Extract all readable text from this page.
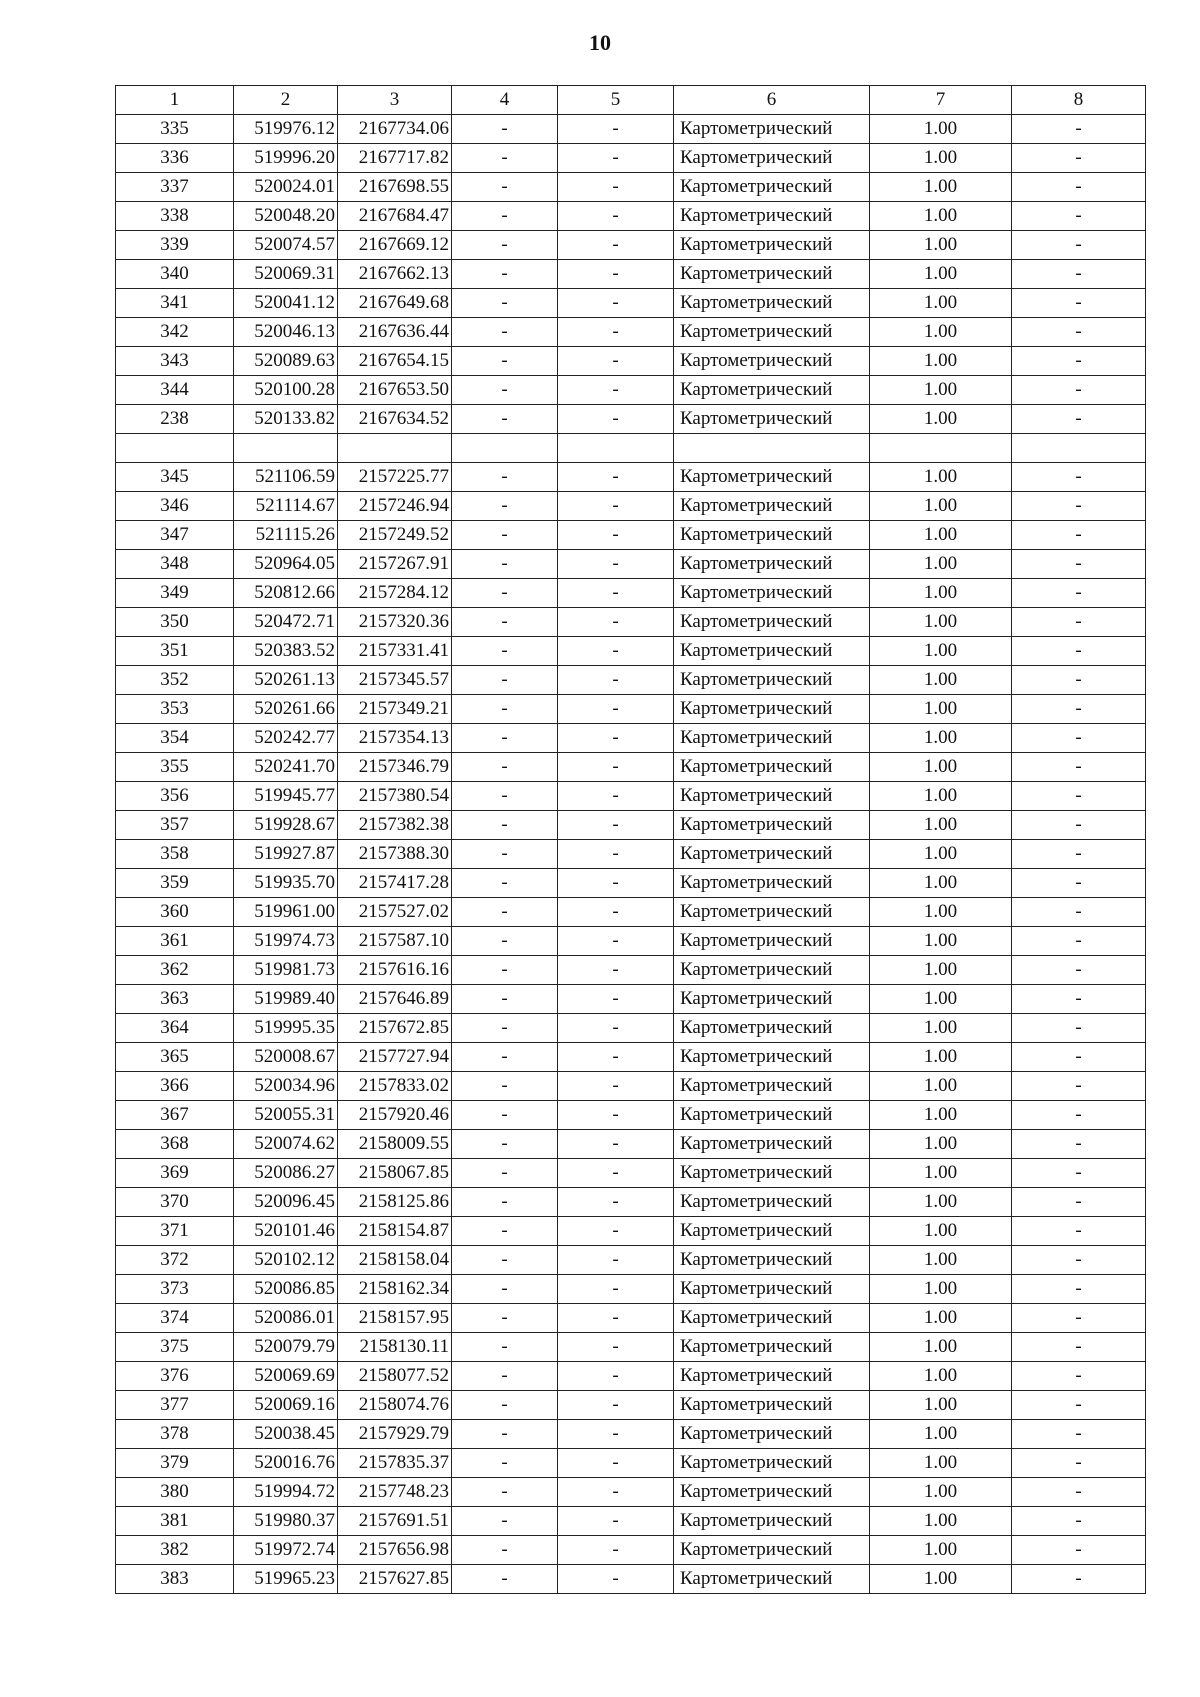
10
1	2	3	4	5	6	7	8
335	519976.12	2167734.06	-	-	Картометрический	1.00	-
336	519996.20	2167717.82	-	-	Картометрический	1.00	-
337	520024.01	2167698.55	-	-	Картометрический	1.00	-
338	520048.20	2167684.47	-	-	Картометрический	1.00	-
339	520074.57	2167669.12	-	-	Картометрический	1.00	-
340	520069.31	2167662.13	-	-	Картометрический	1.00	-
341	520041.12	2167649.68	-	-	Картометрический	1.00	-
342	520046.13	2167636.44	-	-	Картометрический	1.00	-
343	520089.63	2167654.15	-	-	Картометрический	1.00	-
344	520100.28	2167653.50	-	-	Картометрический	1.00	-
238	520133.82	2167634.52	-	-	Картометрический	1.00	-

345	521106.59	2157225.77	-	-	Картометрический	1.00	-
346	521114.67	2157246.94	-	-	Картометрический	1.00	-
347	521115.26	2157249.52	-	-	Картометрический	1.00	-
348	520964.05	2157267.91	-	-	Картометрический	1.00	-
349	520812.66	2157284.12	-	-	Картометрический	1.00	-
350	520472.71	2157320.36	-	-	Картометрический	1.00	-
351	520383.52	2157331.41	-	-	Картометрический	1.00	-
352	520261.13	2157345.57	-	-	Картометрический	1.00	-
353	520261.66	2157349.21	-	-	Картометрический	1.00	-
354	520242.77	2157354.13	-	-	Картометрический	1.00	-
355	520241.70	2157346.79	-	-	Картометрический	1.00	-
356	519945.77	2157380.54	-	-	Картометрический	1.00	-
357	519928.67	2157382.38	-	-	Картометрический	1.00	-
358	519927.87	2157388.30	-	-	Картометрический	1.00	-
359	519935.70	2157417.28	-	-	Картометрический	1.00	-
360	519961.00	2157527.02	-	-	Картометрический	1.00	-
361	519974.73	2157587.10	-	-	Картометрический	1.00	-
362	519981.73	2157616.16	-	-	Картометрический	1.00	-
363	519989.40	2157646.89	-	-	Картометрический	1.00	-
364	519995.35	2157672.85	-	-	Картометрический	1.00	-
365	520008.67	2157727.94	-	-	Картометрический	1.00	-
366	520034.96	2157833.02	-	-	Картометрический	1.00	-
367	520055.31	2157920.46	-	-	Картометрический	1.00	-
368	520074.62	2158009.55	-	-	Картометрический	1.00	-
369	520086.27	2158067.85	-	-	Картометрический	1.00	-
370	520096.45	2158125.86	-	-	Картометрический	1.00	-
371	520101.46	2158154.87	-	-	Картометрический	1.00	-
372	520102.12	2158158.04	-	-	Картометрический	1.00	-
373	520086.85	2158162.34	-	-	Картометрический	1.00	-
374	520086.01	2158157.95	-	-	Картометрический	1.00	-
375	520079.79	2158130.11	-	-	Картометрический	1.00	-
376	520069.69	2158077.52	-	-	Картометрический	1.00	-
377	520069.16	2158074.76	-	-	Картометрический	1.00	-
378	520038.45	2157929.79	-	-	Картометрический	1.00	-
379	520016.76	2157835.37	-	-	Картометрический	1.00	-
380	519994.72	2157748.23	-	-	Картометрический	1.00	-
381	519980.37	2157691.51	-	-	Картометрический	1.00	-
382	519972.74	2157656.98	-	-	Картометрический	1.00	-
383	519965.23	2157627.85	-	-	Картометрический	1.00	-
